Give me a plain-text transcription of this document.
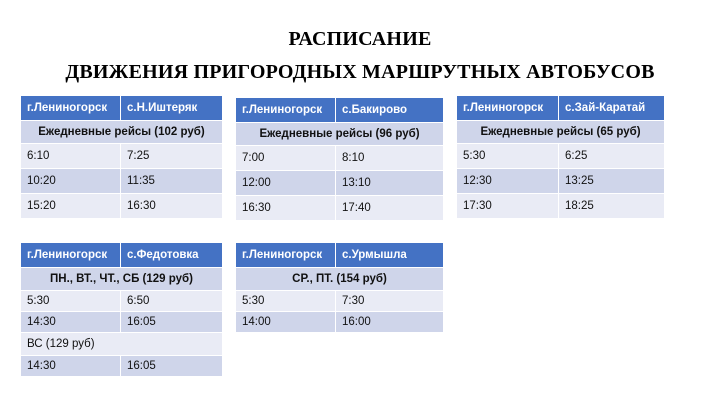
РАСПИСАНИЕ
ДВИЖЕНИЯ ПРИГОРОДНЫХ МАРШРУТНЫХ АВТОБУСОВ
г.Лениногорск	с.Н.Иштеряк
Ежедневные рейсы (102 руб)	
6:10	7:25
10:20	11:35
15:20	16:30
г.Лениногорск	с.Бакирово
Ежедневные рейсы (96 руб)	
7:00	8:10
12:00	13:10
16:30	17:40
г.Лениногорск	с.Зай-Каратай
Ежедневные рейсы (65 руб)	
5:30	6:25
12:30	13:25
17:30	18:25
г.Лениногорск	с.Федотовка
ПН., ВТ., ЧТ., СБ (129 руб)	
5:30	6:50
14:30	16:05
ВС (129 руб)	
14:30	16:05
г.Лениногорск	с.Урмышла
СР., ПТ. (154 руб)	
5:30	7:30
14:00	16:00
